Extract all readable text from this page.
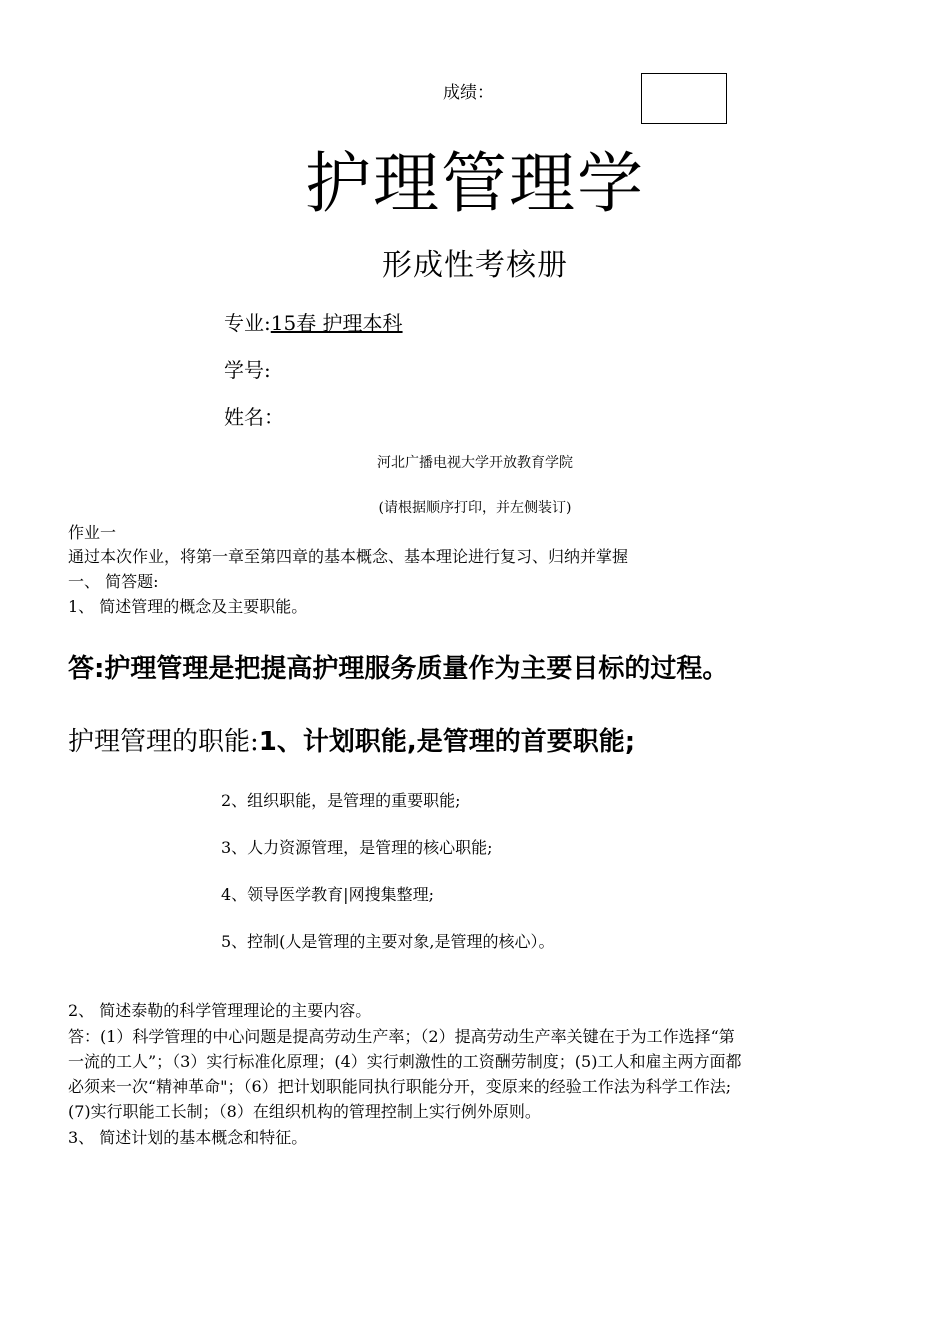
成绩：
护理管理学
形成性考核册
专业:15春 护理本科
学号:
姓名：
河北广播电视大学开放教育学院
(请根据顺序打印，并左侧装订)
作业一
通过本次作业，将第一章至第四章的基本概念、基本理论进行复习、归纳并掌握
一、 简答题:
1、 简述管理的概念及主要职能。
答:护理管理是把提高护理服务质量作为主要目标的过程。
护理管理的职能:1、计划职能,是管理的首要职能;
2、组织职能，是管理的重要职能;
3、人力资源管理，是管理的核心职能;
4、领导医学教育|网搜集整理;
5、控制(人是管理的主要对象,是管理的核心）。
2、 简述泰勒的科学管理理论的主要内容。
答：(1）科学管理的中心问题是提高劳动生产率；（2）提高劳动生产率关键在于为工作选择“第
一流的工人”；（3）实行标准化原理；(4）实行刺激性的工资酬劳制度；(5)工人和雇主两方面都
必须来一次“精神革命"；（6）把计划职能同执行职能分开，变原来的经验工作法为科学工作法;
(7)实行职能工长制；（8）在组织机构的管理控制上实行例外原则。
3、 简述计划的基本概念和特征。
